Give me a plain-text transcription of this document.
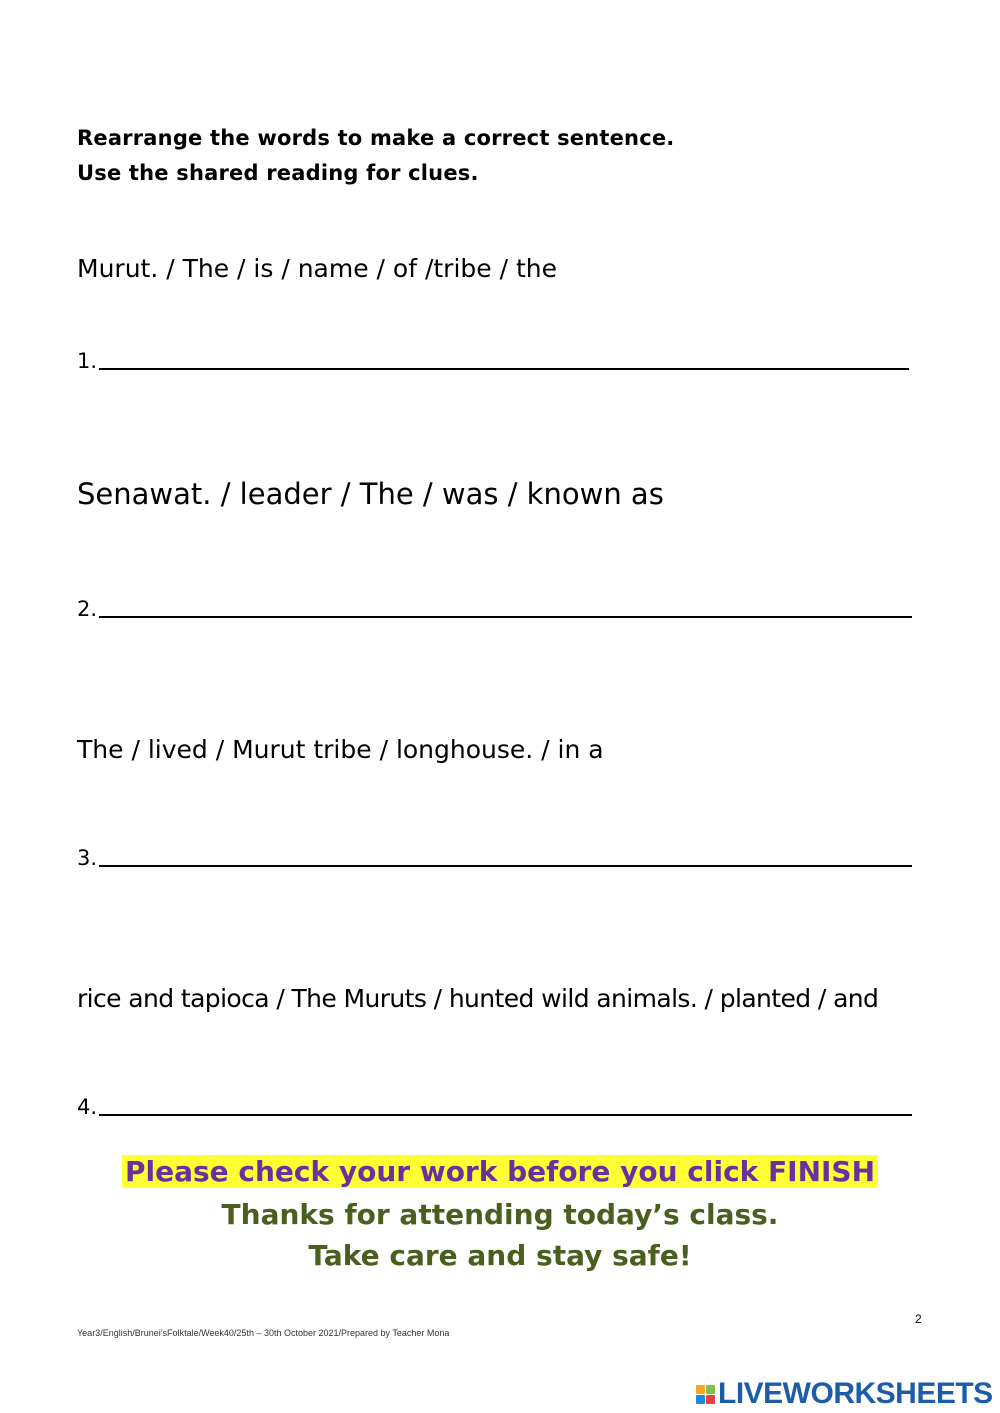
Rearrange the words to make a correct sentence.
Use the shared reading for clues.
Murut. / The / is / name / of /tribe / the
1.
Senawat. / leader / The / was / known as
2.
The / lived / Murut tribe / longhouse. / in a
3.
rice and tapioca / The Muruts / hunted wild animals. / planted / and
4.
Please check your work before you click FINISH
Thanks for attending today’s class.
Take care and stay safe!
2
Year3/English/Brunei’sFolktale/Week40/25th – 30th October 2021/Prepared by Teacher Mona
LIVEWORKSHEETS
